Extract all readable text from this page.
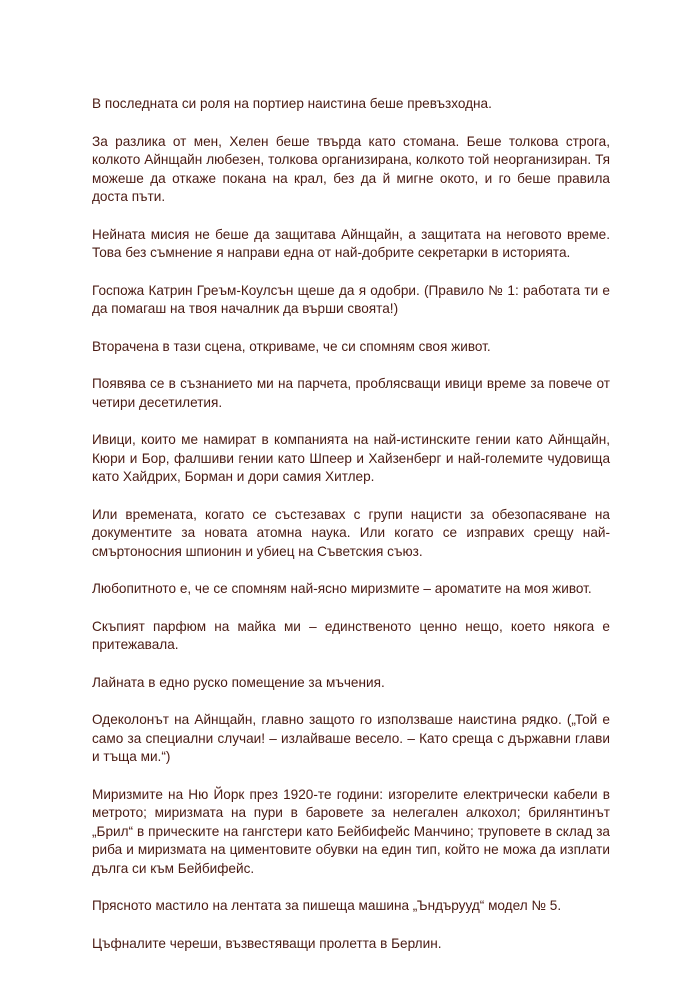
В последната си роля на портиер наистина беше превъзходна.

За разлика от мен, Хелен беше твърда като стомана. Беше толкова строга, колкото Айнщайн любезен, толкова организирана, колкото той неорганизиран. Тя можеше да откаже покана на крал, без да й мигне окото, и го беше правила доста пъти.

Нейната мисия не беше да защитава Айнщайн, а защитата на неговото време. Това без съмнение я направи една от най-добрите секретарки в историята.

Госпожа Катрин Греъм-Коулсън щеше да я одобри. (Правило № 1: работата ти е да помагаш на твоя началник да върши своята!)

Вторачена в тази сцена, откриваме, че си спомням своя живот.

Появява се в съзнанието ми на парчета, проблясващи ивици време за повече от четири десетилетия.

Ивици, които ме намират в компанията на най-истинските гении като Айнщайн, Кюри и Бор, фалшиви гении като Шпеер и Хайзенберг и най-големите чудовища като Хайдрих, Борман и дори самия Хитлер.

Или времената, когато се състезавах с групи нацисти за обезопасяване на документите за новата атомна наука. Или когато се изправих срещу най-смъртоносния шпионин и убиец на Съветския съюз.

Любопитното е, че се спомням най-ясно миризмите – ароматите на моя живот.

Скъпият парфюм на майка ми – единственото ценно нещо, което някога е притежавала.

Лайната в едно руско помещение за мъчения.

Одеколонът на Айнщайн, главно защото го използваше наистина рядко. („Той е само за специални случаи! – излайваше весело. – Като среща с държавни глави и тъща ми.“)

Миризмите на Ню Йорк през 1920-те години: изгорелите електрически кабели в метрото; миризмата на пури в баровете за нелегален алкохол; брилянтинът „Брил“ в прическите на гангстери като Бейбифейс Манчино; труповете в склад за риба и миризмата на циментовите обувки на един тип, който не можа да изплати дълга си към Бейбифейс.

Прясното мастило на лентата за пишеща машина „Ъндърууд“ модел № 5.

Цъфналите череши, възвестяващи пролетта в Берлин.
